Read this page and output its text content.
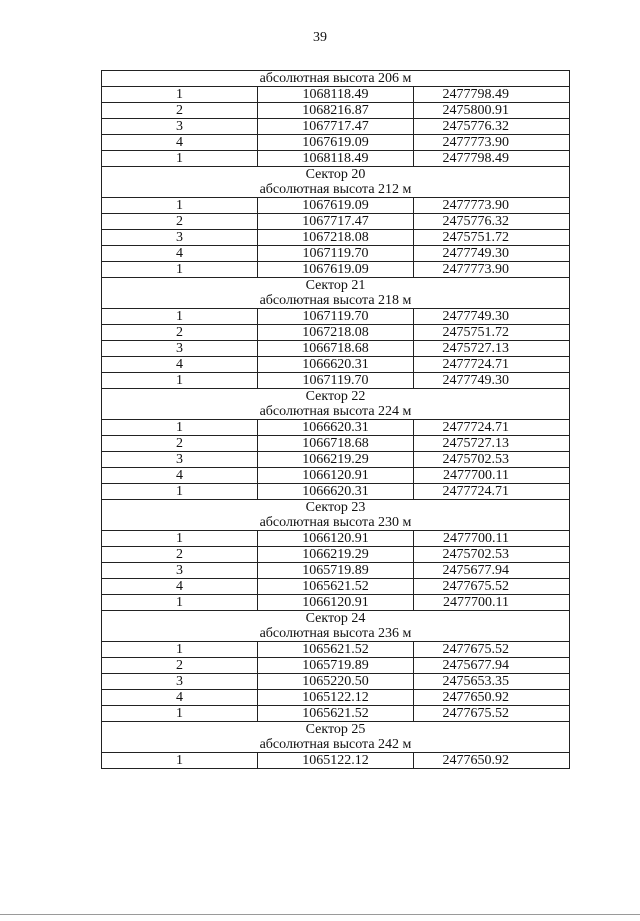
39
абсолютная высота 206 м		
1	1068118.49	2477798.49
2	1068216.87	2475800.91
3	1067717.47	2475776.32
4	1067619.09	2477773.90
1	1068118.49	2477798.49
Сектор 20		
абсолютная высота 212 м		
1	1067619.09	2477773.90
2	1067717.47	2475776.32
3	1067218.08	2475751.72
4	1067119.70	2477749.30
1	1067619.09	2477773.90
Сектор 21		
абсолютная высота 218 м		
1	1067119.70	2477749.30
2	1067218.08	2475751.72
3	1066718.68	2475727.13
4	1066620.31	2477724.71
1	1067119.70	2477749.30
Сектор 22		
абсолютная высота 224 м		
1	1066620.31	2477724.71
2	1066718.68	2475727.13
3	1066219.29	2475702.53
4	1066120.91	2477700.11
1	1066620.31	2477724.71
Сектор 23		
абсолютная высота 230 м		
1	1066120.91	2477700.11
2	1066219.29	2475702.53
3	1065719.89	2475677.94
4	1065621.52	2477675.52
1	1066120.91	2477700.11
Сектор 24		
абсолютная высота 236 м		
1	1065621.52	2477675.52
2	1065719.89	2475677.94
3	1065220.50	2475653.35
4	1065122.12	2477650.92
1	1065621.52	2477675.52
Сектор 25		
абсолютная высота 242 м		
1	1065122.12	2477650.92
